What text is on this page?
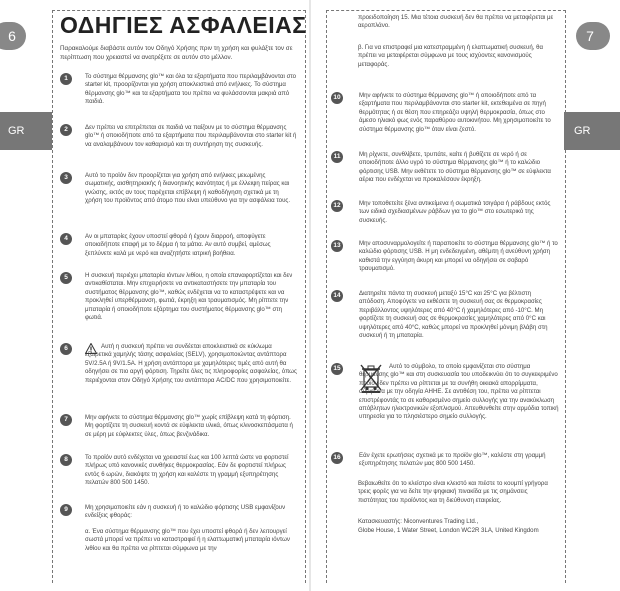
6	7
GR	GR
ΟΔΗΓΙΕΣ ΑΣΦΑΛΕΙΑΣ
Παρακαλούμε διαβάστε αυτόν τον Οδηγό Χρήσης πριν τη χρήση και φυλάξτε τον σε περίπτωση που χρειαστεί να ανατρέξετε σε αυτόν στο μέλλον.
1	Το σύστημα θέρμανσης glo™ και όλα τα εξαρτήματα που περιλαμβάνονται στο starter kit, προορίζονται για χρήση αποκλειστικά από ενήλικες. Το σύστημα θέρμανσης glo™ και τα εξαρτήματα του πρέπει να φυλάσσονται μακριά από παιδιά.
2	Δεν πρέπει να επιτρέπεται σε παιδιά να παίζουν με το σύστημα θέρμανσης glo™ ή οποιοδήποτε από τα εξαρτήματα που περιλαμβάνονται στο starter kit ή να αναλαμβάνουν τον καθαρισμό και τη συντήρηση της συσκευής.
3	Αυτό το προϊόν δεν προορίζεται για χρήση από ενήλικες μειωμένης σωματικής, αισθητηριακής ή διανοητικής ικανότητας ή με έλλειψη πείρας και γνώσης, εκτός αν τους παρέχεται επίβλεψη ή καθοδήγηση σχετικά με τη χρήση του προϊόντος από άτομο που είναι υπεύθυνο για την ασφάλεια τους.
4	Αν οι μπαταρίες έχουν υποστεί φθορά ή έχουν διαρροή, αποφύγετε οποιαδήποτε επαφή με το δέρμα ή τα μάτια. Αν αυτό συμβεί, αμέσως ξεπλύνετε καλά με νερό και αναζητήστε ιατρική βοήθεια.
5	Η συσκευή περιέχει μπαταρία ιόντων λιθίου, η οποία επαναφορτίζεται και δεν αντικαθίσταται. Μην επιχειρήσετε να αντικαταστήσετε την μπαταρία του συστήματος θέρμανσης glo™, καθώς ενδέχεται να το καταστρέψετε και να προκληθεί υπερθέρμανση, φωτιά, έκρηξη και τραυματισμός. Μη ρίπτετε την μπαταρία ή οποιοδήποτε εξάρτημα του συστήματος θέρμανσης glo™ στη φωτιά.
6	Αυτή η συσκευή πρέπει να συνδέεται αποκλειστικά σε κύκλωμα εξαιρετικά χαμηλής τάσης ασφαλείας (SELV), χρησιμοποιώντας αντάπτορα 5V/2.5A ή 9V/1.5A. Η χρήση αντάπτορα με χαμηλότερες τιμές από αυτή θα οδηγήσει σε πιο αργή φόρτιση. Τηρείτε όλες τις πληροφορίες ασφαλείας, όπως περιέχονται στον Οδηγό Χρήσης του αντάπτορα AC/DC που χρησιμοποιείτε.
7	Μην αφήνετε το σύστημα θέρμανσης glo™ χωρίς επίβλεψη κατά τη φόρτιση. Μη φορτίζετε τη συσκευή κοντά σε εύφλεκτα υλικά, όπως κλινοσκεπάσματα ή σε μέρη με εύφλεκτες ύλες, όπως βενζινάδικα.
8	Το προϊόν αυτό ενδέχεται να χρειαστεί έως και 100 λεπτά ώστε να φορτιστεί πλήρως υπό κανονικές συνθήκες θερμοκρασίας. Εάν δε φορτιστεί πλήρως εντός 6 ωρών, διακόψτε τη χρήση και καλέστε τη γραμμή εξυπηρέτησης πελατών 800 500 1450.
9	Μη χρησιμοποιείτε εάν η συσκευή ή το καλώδιο φόρτισης USB εμφανίζουν ενδείξεις φθοράς:
α. Ένα σύστημα θέρμανσης glo™ που έχει υποστεί φθορά ή δεν λειτουργεί σωστά μπορεί να πρέπει να καταστραφεί ή η ελαττωματική μπαταρία ιόντων λιθίου και θα πρέπει να ρίπτεται σύμφωνα με την
προειδοποίηση 15. Μια τέτοια συσκευή δεν θα πρέπει να μεταφέρεται με αεροπλάνο.
β. Για να επιστραφεί μια κατεστραμμένη ή ελαττωματική συσκευή, θα πρέπει να μεταφέρεται σύμφωνα με τους ισχύοντες κανονισμούς μεταφοράς.
10	Μην αφήνετε το σύστημα θέρμανσης glo™ ή οποιοδήποτε από τα εξαρτήματα που περιλαμβάνονται στο starter kit, εκτεθειμένα σε πηγή θερμότητας ή σε θέση που επηρεάζει υψηλή θερμοκρασία, όπως στο άμεσο ηλιακό φως ενός παραθύρου αυτοκινήτου. Μη χρησιμοποιείτε το σύστημα θέρμανσης glo™ όταν είναι ζεστό.
11	Μη ρίχνετε, συνθλίβετε, τρυπάτε, καίτε ή βυθίζετε σε νερό ή σε οποιοδήποτε άλλο υγρό το σύστημα θέρμανσης glo™ ή το καλώδιο φόρτισης USB. Μην εκθέτετε το σύστημα θέρμανσης glo™ σε εύφλεκτα αέρια που ενδέχεται να προκαλέσουν έκρηξη.
12	Μην τοποθετείτε ξένα αντικείμενα ή σωματικά τσιγάρα ή ράβδους εκτός των ειδικά σχεδιασμένων ράβδων για το glo™ στο εσωτερικό της συσκευής.
13	Μην αποσυναρμολογείτε ή παραποιείτε το σύστημα θέρμανσης glo™ ή το καλώδιο φόρτισης USB. Η μη ενδεδειγμένη, αθέμιτη ή ανεύθυνη χρήση καθιστά την εγγύηση άκυρη και μπορεί να οδηγήσει σε σοβαρό τραυματισμό.
14	Διατηρείτε πάντα τη συσκευή μεταξύ 15°C και 25°C για βέλτιστη απόδοση. Αποφύγετε να εκθέσετε τη συσκευή σας σε θερμοκρασίες περιβάλλοντος υψηλότερες από 40°C ή χαμηλότερες από -10°C. Μη φορτίζετε τη συσκευή σας σε θερμοκρασίες χαμηλότερες από 0°C και υψηλότερες από 40°C, καθώς μπορεί να προκληθεί μόνιμη βλάβη στη συσκευή ή τη μπαταρία.
15	Αυτό το σύμβολο, το οποίο εμφανίζεται στο σύστημα θέρμανσης glo™ και στη συσκευασία του υποδεικνύει ότι το συγκεκριμένο προϊόν δεν πρέπει να ρίπτεται με τα συνήθη οικιακά απορρίμματα, σύμφωνα με την οδηγία ΑΗΗΕ. Σε αντιθέση του, πρέπει να ρίπτεται επιστρέφοντάς το σε καθορισμένο σημείο συλλογής για την ανακύκλωση απόβλητων ηλεκτρονικών εξοπλισμού. Απευθυνθείτε στην αρμόδια τοπική υπηρεσία για το πλησιέστερο σημείο συλλογής.
16	Εάν έχετε ερωτήσεις σχετικά με το προϊόν glo™, καλέστε στη γραμμή εξυπηρέτησης πελατών μας 800 500 1450.
Βεβαιωθείτε ότι το κλείστρο είναι κλειστό και πιέστε το κουμπί γρήγορα τρεις φορές για να δείτε την ψηφιακή πινακίδα με τις σημάνσεις πιστότητας του προϊόντος και τη διεύθυνση εταιρείας.
Κατασκευαστής: Niconventures Trading Ltd.,
Globe House, 1 Water Street, London WC2R 3LA, United Kingdom
